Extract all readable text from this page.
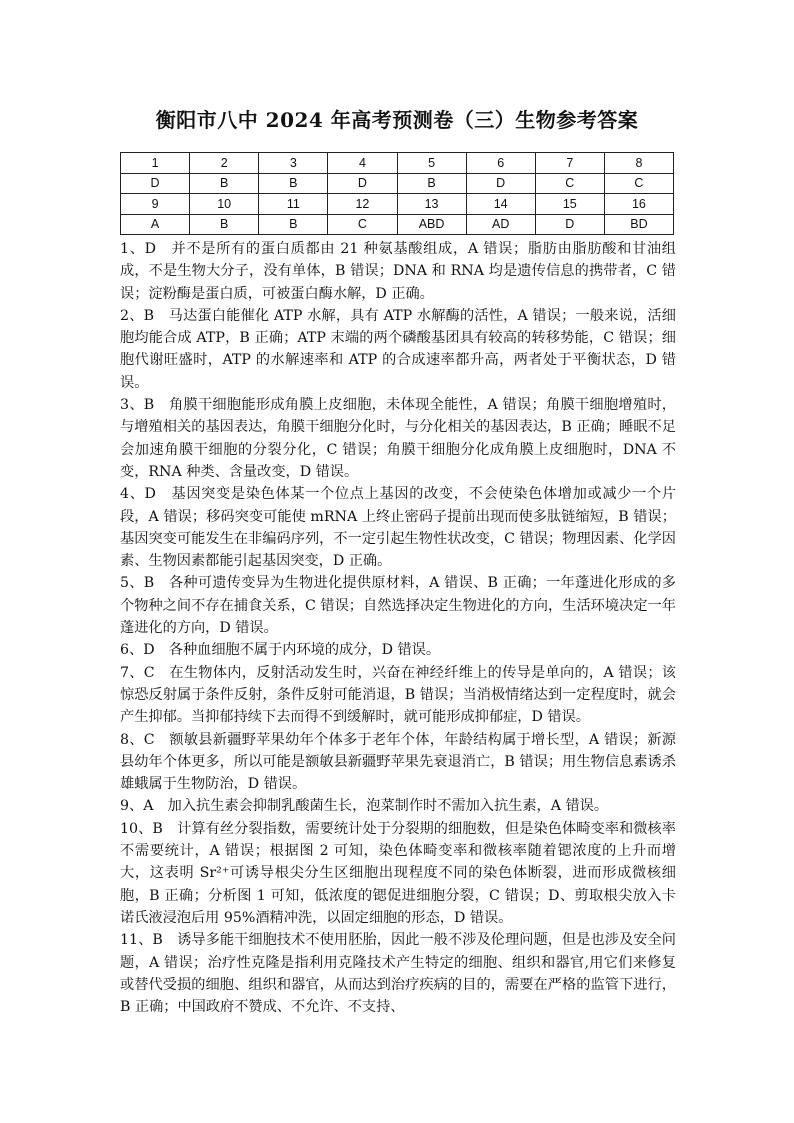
衡阳市八中 2024 年高考预测卷（三）生物参考答案
1	2	3	4	5	6	7	8
D	B	B	D	B	D	C	C
9	10	11	12	13	14	15	16
A	B	B	C	ABD	AD	D	BD

1、D　并不是所有的蛋白质都由 21 种氨基酸组成，A 错误；脂肪由脂肪酸和甘油组成，不是生物大分子，没有单体，B 错误；DNA 和 RNA 均是遗传信息的携带者，C 错误；淀粉酶是蛋白质，可被蛋白酶水解，D 正确。

2、B　马达蛋白能催化 ATP 水解，具有 ATP 水解酶的活性，A 错误；一般来说，活细胞均能合成 ATP，B 正确；ATP 末端的两个磷酸基团具有较高的转移势能，C 错误；细胞代谢旺盛时，ATP 的水解速率和 ATP 的合成速率都升高，两者处于平衡状态，D 错误。

3、B　角膜干细胞能形成角膜上皮细胞，未体现全能性，A 错误；角膜干细胞增殖时，与增殖相关的基因表达，角膜干细胞分化时，与分化相关的基因表达，B 正确；睡眠不足会加速角膜干细胞的分裂分化，C 错误；角膜干细胞分化成角膜上皮细胞时，DNA 不变，RNA 种类、含量改变，D 错误。

4、D　基因突变是染色体某一个位点上基因的改变，不会使染色体增加或减少一个片段，A 错误；移码突变可能使 mRNA 上终止密码子提前出现而使多肽链缩短，B 错误；基因突变可能发生在非编码序列，不一定引起生物性状改变，C 错误；物理因素、化学因素、生物因素都能引起基因突变，D 正确。

5、B　各种可遗传变异为生物进化提供原材料，A 错误、B 正确；一年蓬进化形成的多个物种之间不存在捕食关系，C 错误；自然选择决定生物进化的方向，生活环境决定一年蓬进化的方向，D 错误。

6、D　各种血细胞不属于内环境的成分，D 错误。

7、C　在生物体内，反射活动发生时，兴奋在神经纤维上的传导是单向的，A 错误；该惊恐反射属于条件反射，条件反射可能消退，B 错误；当消极情绪达到一定程度时，就会产生抑郁。当抑郁持续下去而得不到缓解时，就可能形成抑郁症，D 错误。

8、C　额敏县新疆野苹果幼年个体多于老年个体，年龄结构属于增长型，A 错误；新源县幼年个体更多，所以可能是额敏县新疆野苹果先衰退消亡，B 错误；用生物信息素诱杀雄蛾属于生物防治，D 错误。

9、A　加入抗生素会抑制乳酸菌生长，泡菜制作时不需加入抗生素，A 错误。

10、B　计算有丝分裂指数，需要统计处于分裂期的细胞数，但是染色体畸变率和微核率不需要统计，A 错误；根据图 2 可知，染色体畸变率和微核率随着锶浓度的上升而增大，这表明 Sr²⁺可诱导根尖分生区细胞出现程度不同的染色体断裂，进而形成微核细胞，B 正确；分析图 1 可知，低浓度的锶促进细胞分裂，C 错误；D、剪取根尖放入卡诺氏液浸泡后用 95%酒精冲洗，以固定细胞的形态，D 错误。

11、B　诱导多能干细胞技术不使用胚胎，因此一般不涉及伦理问题，但是也涉及安全问题，A 错误；治疗性克隆是指利用克隆技术产生特定的细胞、组织和器官,用它们来修复或替代受损的细胞、组织和器官，从而达到治疗疾病的目的，需要在严格的监管下进行，B 正确；中国政府不赞成、不允许、不支持、
